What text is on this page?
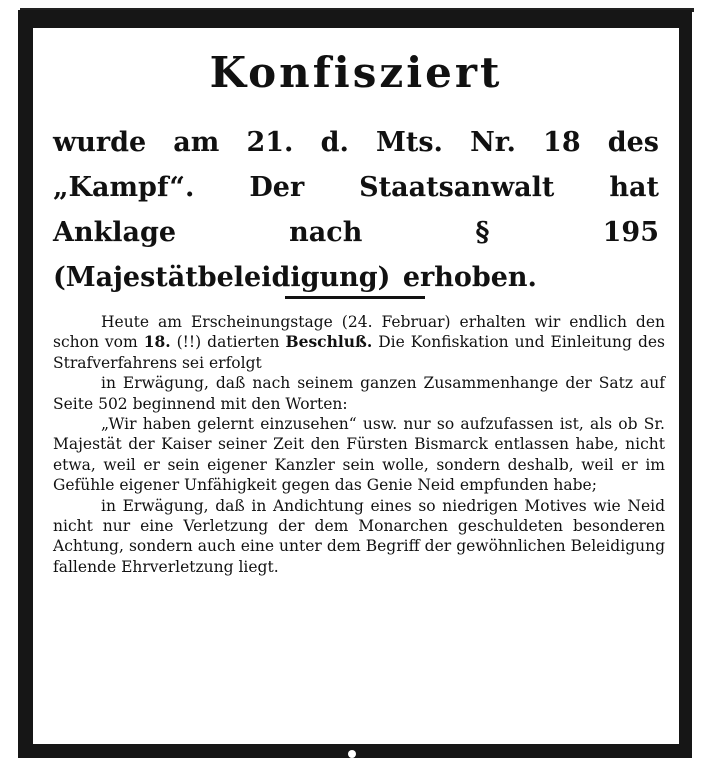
Konfisziert

wurde am 21. d. Mts. Nr. 18 des „Kampf“. Der Staatsanwalt hat Anklage nach § 195 (Majestätbeleidigung) erhoben.

Heute am Erscheinungstage (24. Februar) erhalten wir endlich den schon vom 18. (!!) datierten Beschluß. Die Konfiskation und Einleitung des Strafverfahrens sei erfolgt

in Erwägung, daß nach seinem ganzen Zusammenhange der Satz auf Seite 502 beginnend mit den Worten:

„Wir haben gelernt einzusehen“ usw. nur so aufzufassen ist, als ob Sr. Majestät der Kaiser seiner Zeit den Fürsten Bismarck entlassen habe, nicht etwa, weil er sein eigener Kanzler sein wolle, sondern deshalb, weil er im Gefühle eigener Unfähigkeit gegen das Genie Neid empfunden habe;

in Erwägung, daß in Andichtung eines so niedrigen Motives wie Neid nicht nur eine Verletzung der dem Monarchen geschuldeten besonderen Achtung, sondern auch eine unter dem Begriff der gewöhnlichen Beleidigung fallende Ehrverletzung liegt.
